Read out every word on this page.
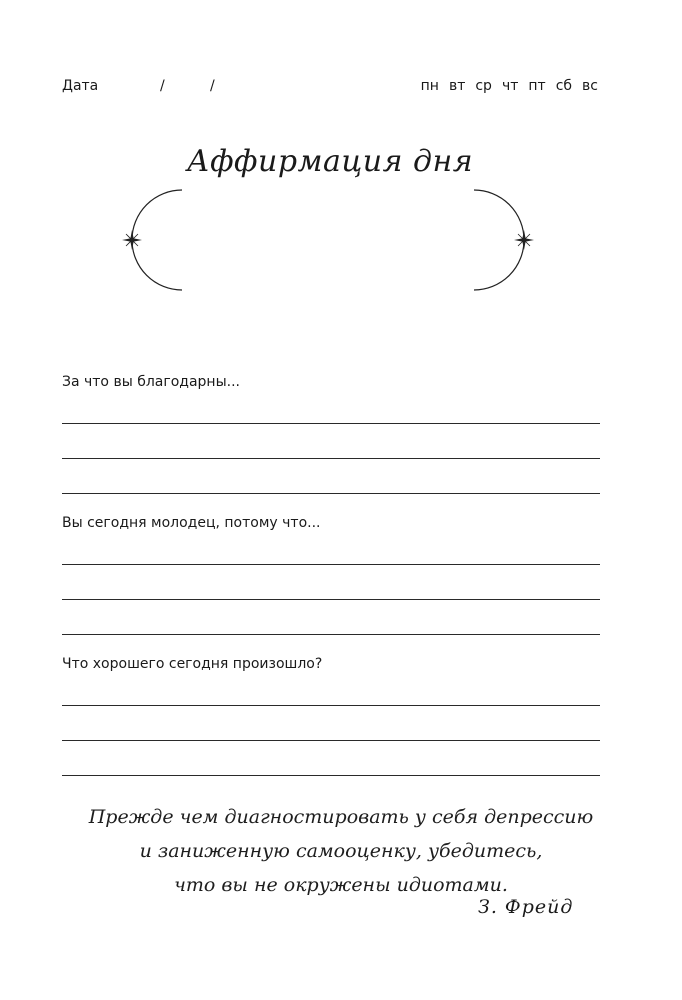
Дата	/	/	пн вт ср чт пт сб вс
Аффирмация дня
За что вы благодарны...
Вы сегодня молодец, потому что...
Что хорошего сегодня произошло?
Прежде чем диагностировать у себя депрессию
и заниженную самооценку, убедитесь,
что вы не окружены идиотами.
З. Фрейд
